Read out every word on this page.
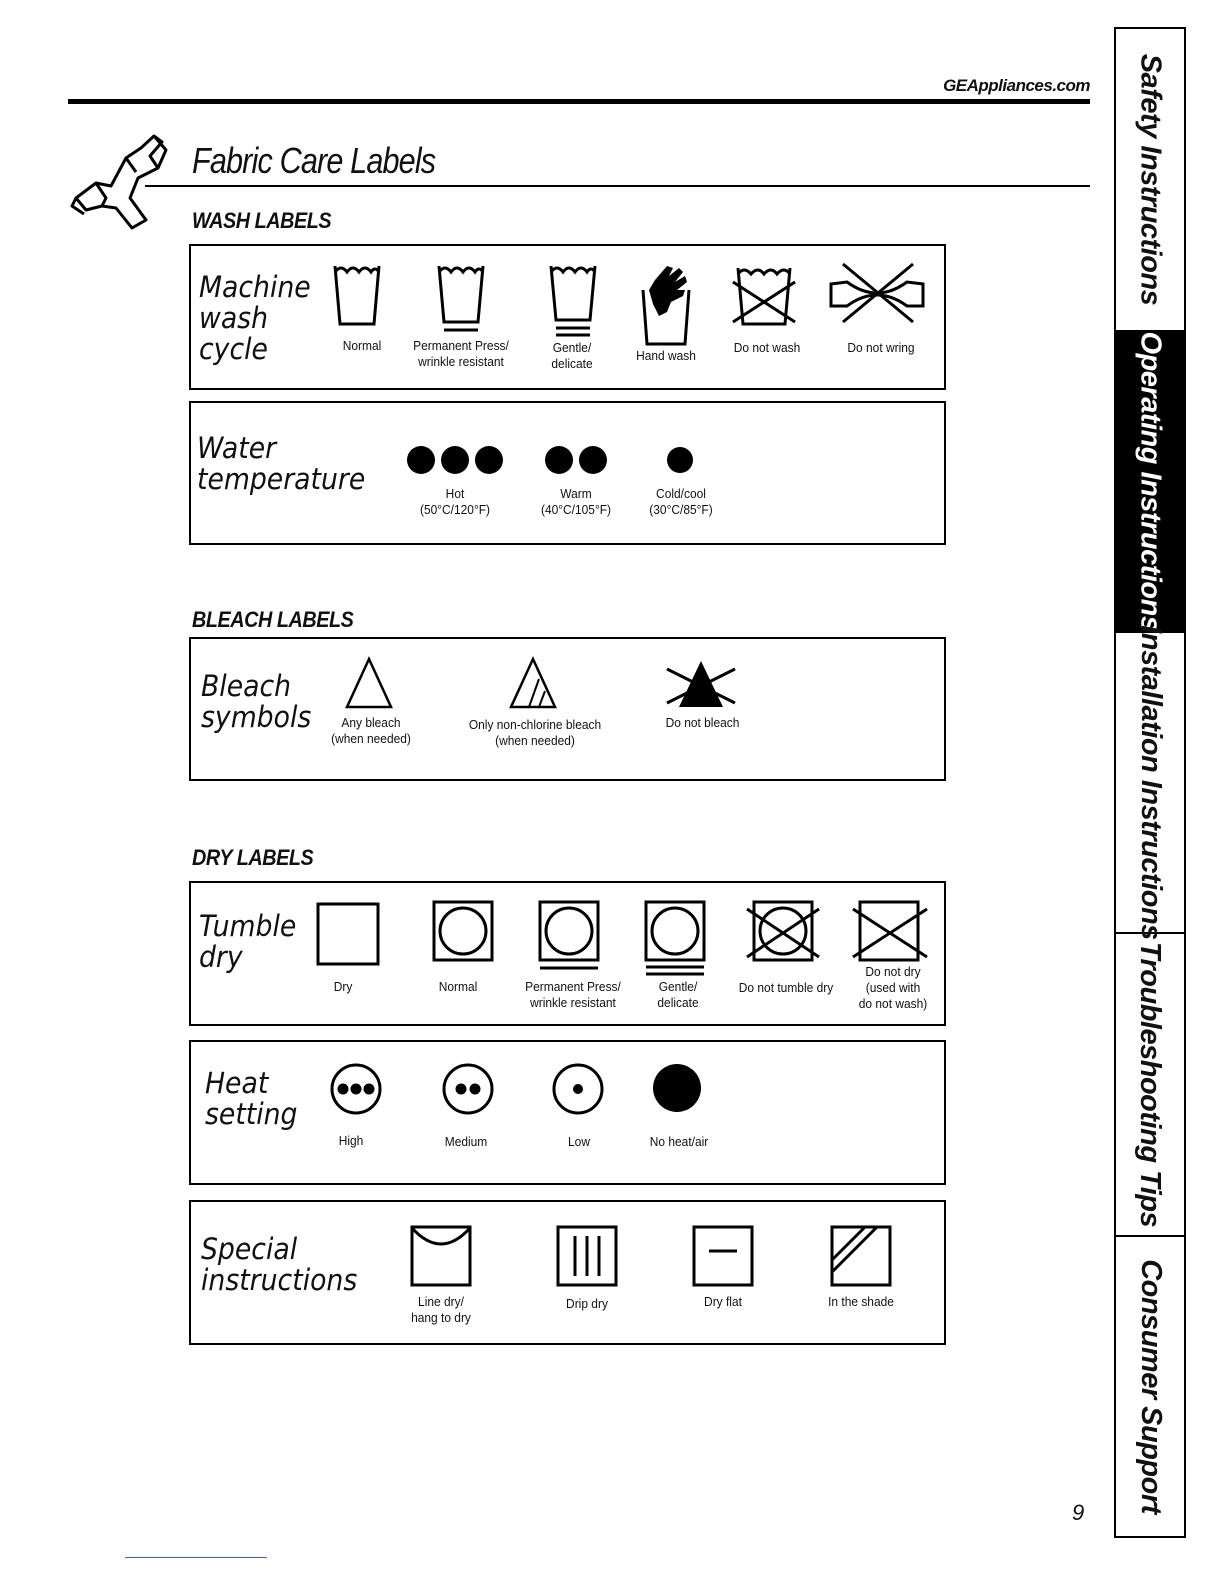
GEAppliances.com
Fabric Care Labels
WASH LABELS
Machine
wash
cycle	Normal	Permanent Press/
wrinkle resistant
Gentle/
delicate
Hand wash
Do not wash	Do not wring
Water
temperature	Hot
(50°C/120°F)
Warm
(40°C/105°F)
Cold/cool
(30°C/85°F)
BLEACH LABELS
Bleach
symbols	Any bleach
(when needed)
Only non-chlorine bleach
(when needed)
Do not bleach
DRY LABELS
Tumble
dry
Dry	Normal	Permanent Press/
wrinkle resistant
Gentle/
delicate
Do not tumble dry
Do not dry
(used with
do not wash)
Heat
setting
High	Medium	Low	No heat/air
Special
instructions
Line dry/
hang to dry
Drip dry	Dry flat	In the shade
Safety Instructions
Operating Instructions
Installation Instructions
Troubleshooting Tips
Consumer Support
9
